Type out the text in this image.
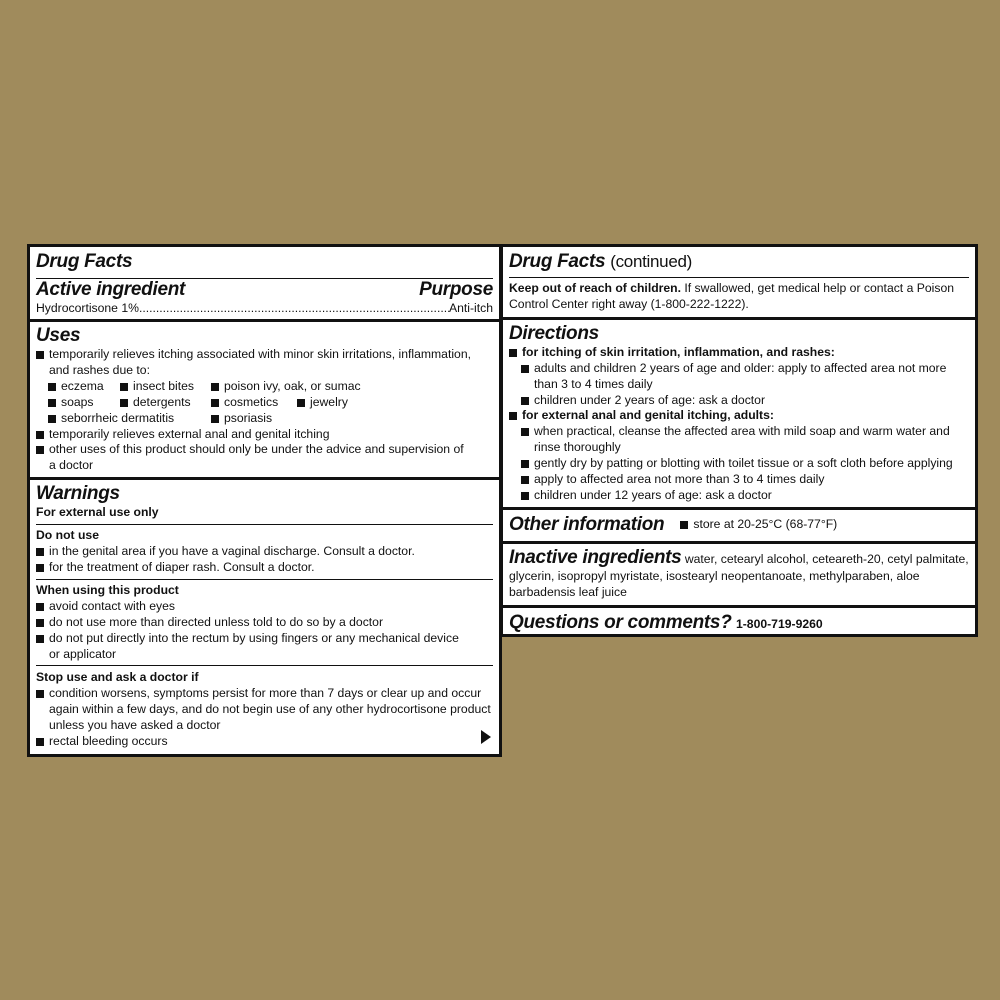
Drug Facts
Active ingredient	Purpose
Hydrocortisone 1%
.....	Anti-itch
Uses
temporarily relieves itching associated with minor skin irritations, inflammation,
and rashes due to:
eczema insect bites poison ivy, oak, or sumac
soaps	detergents	cosmetics	jewelry
seborrheic dermatitis	psoriasis
temporarily relieves external anal and genital itching
other uses of this product should only be under the advice and supervision of
a doctor
Warnings
For external use only
Do not use
in the genital area if you have a vaginal discharge. Consult a doctor.
for the treatment of diaper rash. Consult a doctor.
When using this product
avoid contact with eyes
do not use more than directed unless told to do so by a doctor
do not put directly into the rectum by using fingers or any mechanical device
or applicator
Stop use and ask a doctor if
condition worsens, symptoms persist for more than 7 days or clear up and occur
again within a few days, and do not begin use of any other hydrocortisone product
unless you have asked a doctor
rectal bleeding occurs
Drug Facts (continued)
Keep out of reach of children. If swallowed, get medical help or contact a Poison
Control Center right away (1-800-222-1222).
Directions
for itching of skin irritation, inflammation, and rashes:
adults and children 2 years of age and older: apply to affected area not more
than 3 to 4 times daily
children under 2 years of age: ask a doctor
for external anal and genital itching, adults:
when practical, cleanse the affected area with mild soap and warm water and
rinse thoroughly
gently dry by patting or blotting with toilet tissue or a soft cloth before applying
apply to affected area not more than 3 to 4 times daily
children under 12 years of age: ask a doctor
Other information store at 20-25°C (68-77°F)
Inactive ingredients water, cetearyl alcohol, ceteareth-20, cetyl palmitate,
glycerin, isopropyl myristate, isostearyl neopentanoate, methylparaben, aloe
barbadensis leaf juice
Questions or comments? 1-800-719-9260
